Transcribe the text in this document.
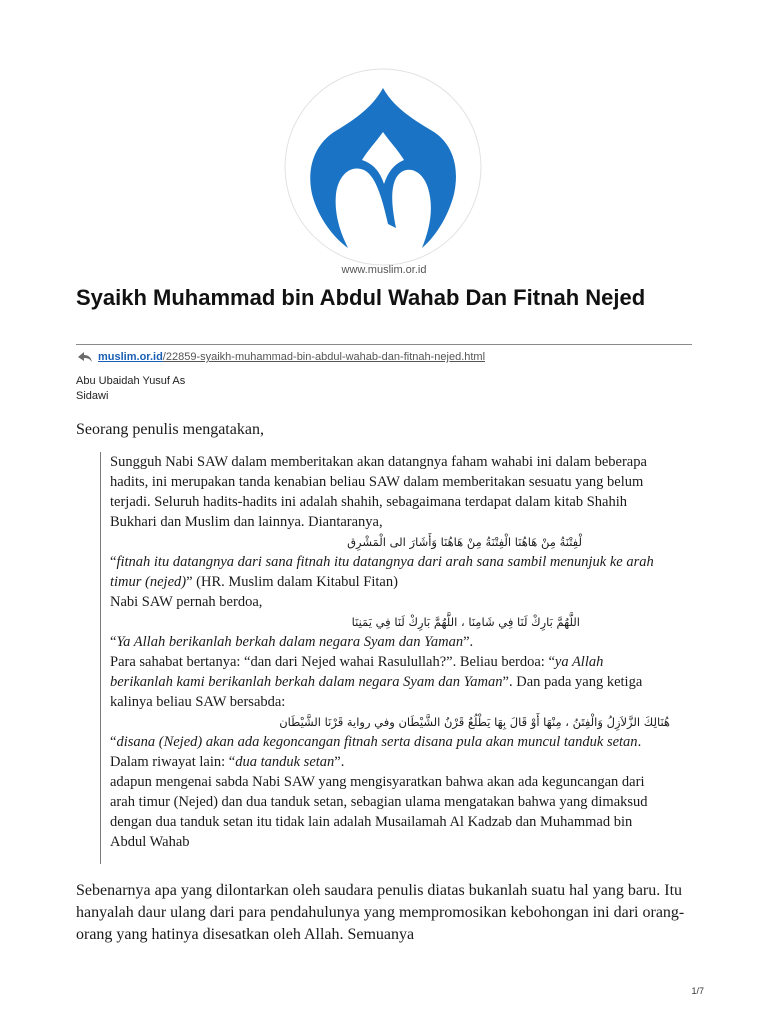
www.muslim.or.id
Syaikh Muhammad bin Abdul Wahab Dan Fitnah Nejed
muslim.or.id /22859-syaikh-muhammad-bin-abdul-wahab-dan-fitnah-nejed.html
Abu Ubaidah Yusuf As
Sidawi

Seorang penulis mengatakan,

Sungguh Nabi SAW dalam memberitakan akan datangnya faham wahabi ini dalam beberapa hadits, ini merupakan tanda kenabian beliau SAW dalam memberitakan sesuatu yang belum terjadi. Seluruh hadits-hadits ini adalah shahih, sebagaimana terdapat dalam kitab Shahih Bukhari dan Muslim dan lainnya. Diantaranya,

لْفِتْنَةُ مِنْ هَاهُنَا الْفِتْنَةُ مِنْ هَاهُنَا وَأَشَارَ الى الْمَشْرِق

“fitnah itu datangnya dari sana fitnah itu datangnya dari arah sana sambil menunjuk ke arah timur (nejed)” (HR. Muslim dalam Kitabul Fitan)

Nabi SAW pernah berdoa,

اللَّهُمَّ بَارِكْ لَنَا فِي شَامِنَا ، اللَّهُمَّ بَارِكْ لَنَا فِي يَمَنِنَا

“Ya Allah berikanlah berkah dalam negara Syam dan Yaman”.

Para sahabat bertanya: “dan dari Nejed wahai Rasulullah?”. Beliau berdoa: “ya Allah berikanlah kami berikanlah berkah dalam negara Syam dan Yaman”. Dan pada yang ketiga kalinya beliau SAW bersabda:

هُنَالِكَ الزَّلاَزِلُ وَالْفِتَنُ ، مِنْهَا أَوْ قَالَ بِهَا يَطْلُعُ قَرْنُ الشَّيْطَان وفي رواية قَرْنَا الشَّيْطَان

“disana (Nejed) akan ada kegoncangan fitnah serta disana pula akan muncul tanduk setan. Dalam riwayat lain: “dua tanduk setan”.

adapun mengenai sabda Nabi SAW yang mengisyaratkan bahwa akan ada keguncangan dari arah timur (Nejed) dan dua tanduk setan, sebagian ulama mengatakan bahwa yang dimaksud dengan dua tanduk setan itu tidak lain adalah Musailamah Al Kadzab dan Muhammad bin Abdul Wahab

Sebenarnya apa yang dilontarkan oleh saudara penulis diatas bukanlah suatu hal yang baru. Itu hanyalah daur ulang dari para pendahulunya yang mempromosikan kebohongan ini dari orang-orang yang hatinya disesatkan oleh Allah. Semuanya

1/7
